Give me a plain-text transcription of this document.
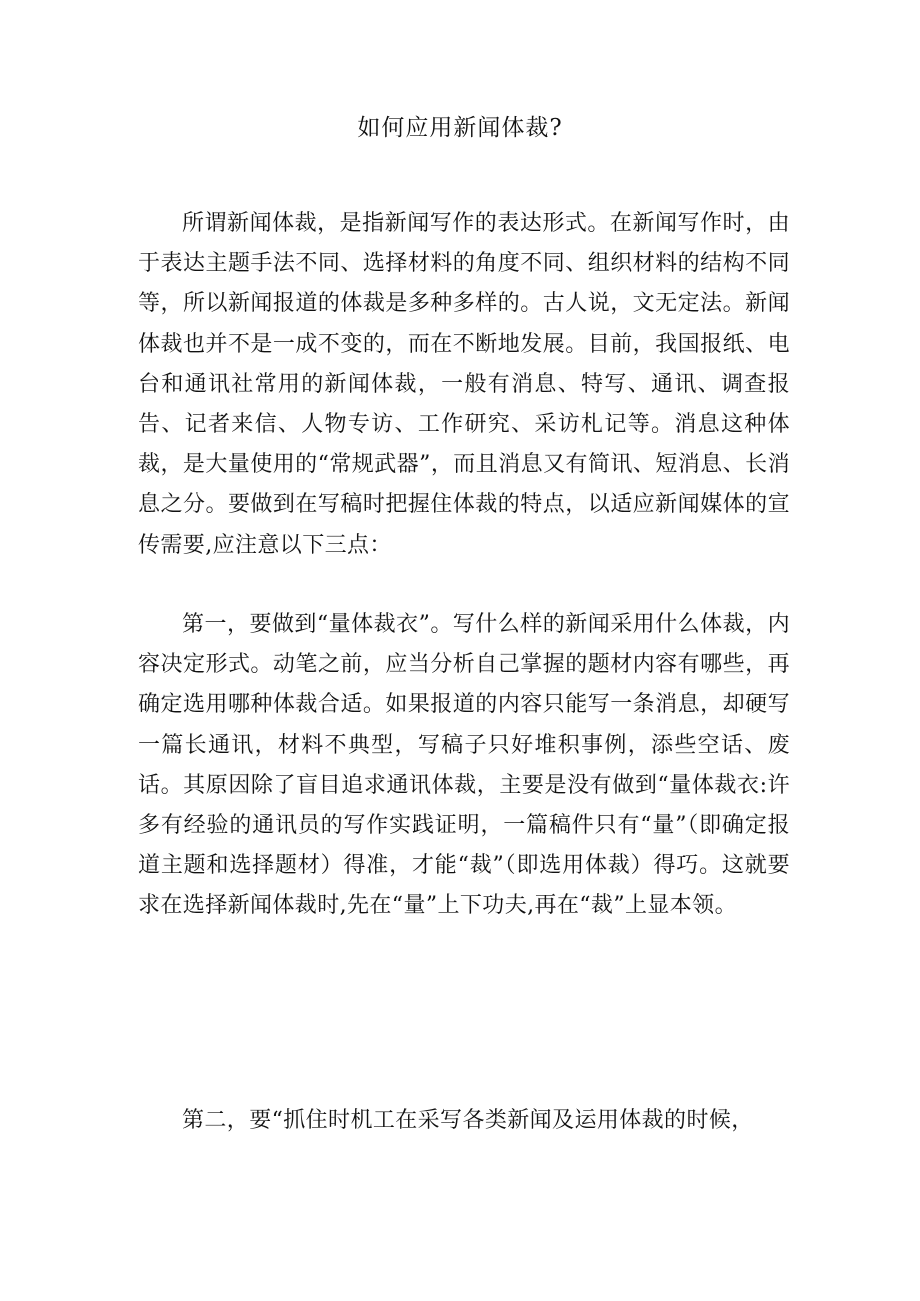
如何应用新闻体裁?

所谓新闻体裁，是指新闻写作的表达形式。在新闻写作时，由于表达主题手法不同、选择材料的角度不同、组织材料的结构不同等，所以新闻报道的体裁是多种多样的。古人说，文无定法。新闻体裁也并不是一成不变的，而在不断地发展。目前，我国报纸、电台和通讯社常用的新闻体裁，一般有消息、特写、通讯、调查报告、记者来信、人物专访、工作研究、采访札记等。消息这种体裁，是大量使用的“常规武器”，而且消息又有简讯、短消息、长消息之分。要做到在写稿时把握住体裁的特点，以适应新闻媒体的宣传需要,应注意以下三点：

第一，要做到“量体裁衣”。写什么样的新闻采用什么体裁，内容决定形式。动笔之前，应当分析自己掌握的题材内容有哪些，再确定选用哪种体裁合适。如果报道的内容只能写一条消息，却硬写一篇长通讯，材料不典型，写稿子只好堆积事例，添些空话、废话。其原因除了盲目追求通讯体裁，主要是没有做到“量体裁衣:许多有经验的通讯员的写作实践证明，一篇稿件只有“量”（即确定报道主题和选择题材）得准，才能“裁”（即选用体裁）得巧。这就要求在选择新闻体裁时,先在“量”上下功夫,再在“裁”上显本领。

第二，要“抓住时机工在采写各类新闻及运用体裁的时候，
